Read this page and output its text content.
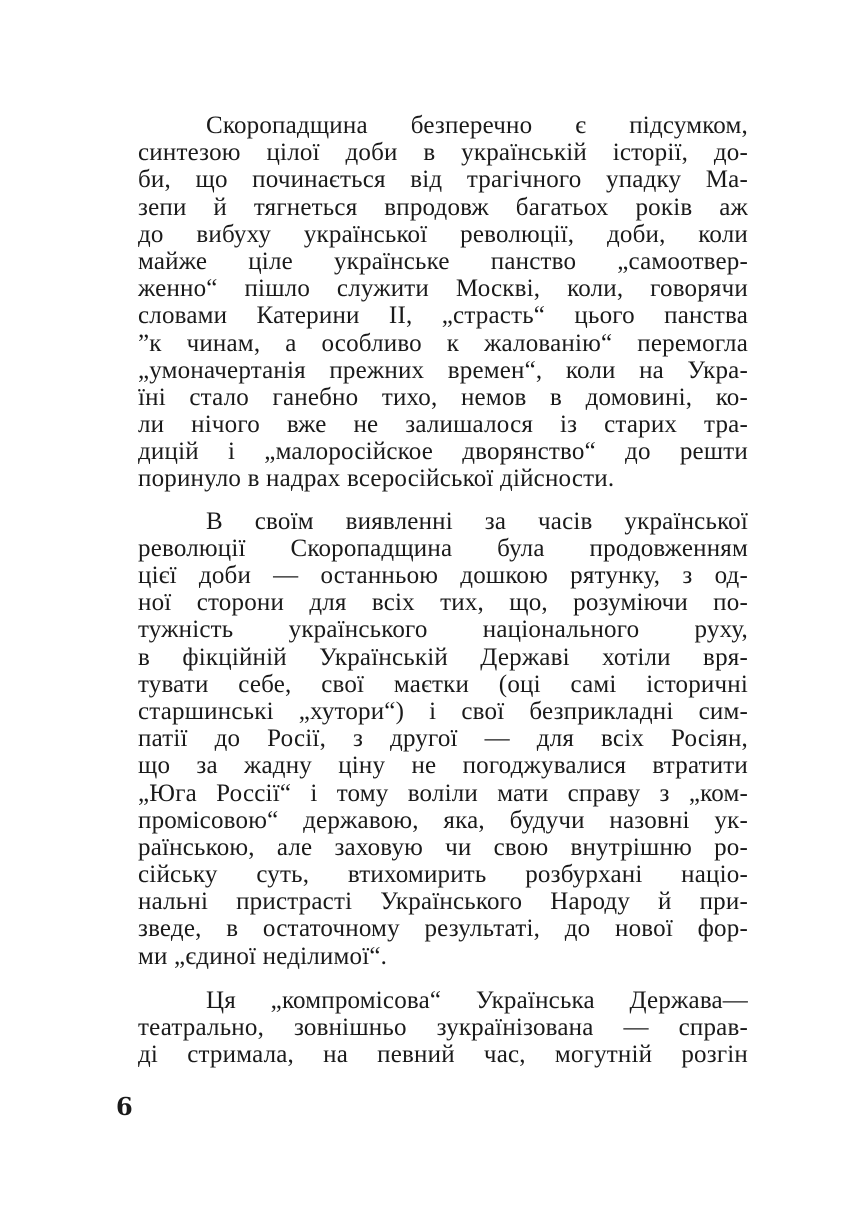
Скоропадщина безперечно є підсумком,
синтезою цілої доби в українській історії, до-
би, що починається від трагічного упадку Ма-
зепи й тягнеться впродовж багатьох років аж
до вибуху української революції, доби, коли
майже ціле українське панство „самоотвер-
женно“ пішло служити Москві, коли, говорячи
словами Катерини II, „страсть“ цього панства
”к чинам, а особливо к жалованію“ перемогла
„умоначертанія прежних времен“, коли на Укра-
їні стало ганебно тихо, немов в домовині, ко-
ли нічого вже не залишалося із старих тра-
дицій і „малоросійское дворянство“ до решти
поринуло в надрах всеросійської дійсности.

В своїм виявленні за часів української
революції Скоропадщина була продовженням
цієї доби — останньою дошкою рятунку, з од-
ної сторони для всіх тих, що, розуміючи по-
тужність українського національного руху,
в фікційній Українській Державі хотіли вря-
тувати себе, свої маєтки (оці самі історичні
старшинські „хутори“) і свої безприкладні сим-
патії до Росії, з другої — для всіх Росіян,
що за жадну ціну не погоджувалися втратити
„Юга Россії“ і тому воліли мати справу з „ком-
промісовою“ державою, яка, будучи назовні ук-
раїнською, але заховую чи свою внутрішню ро-
сійську суть, втихомирить розбурхані націо-
нальні пристрасті Українського Народу й при-
зведе, в остаточному результаті, до нової фор-
ми „єдиної неділимої“.

Ця „компромісова“ Українська Держава—
театрально, зовнішньо зукраїнізована — справ-
ді стримала, на певний час, могутній розгін

6
